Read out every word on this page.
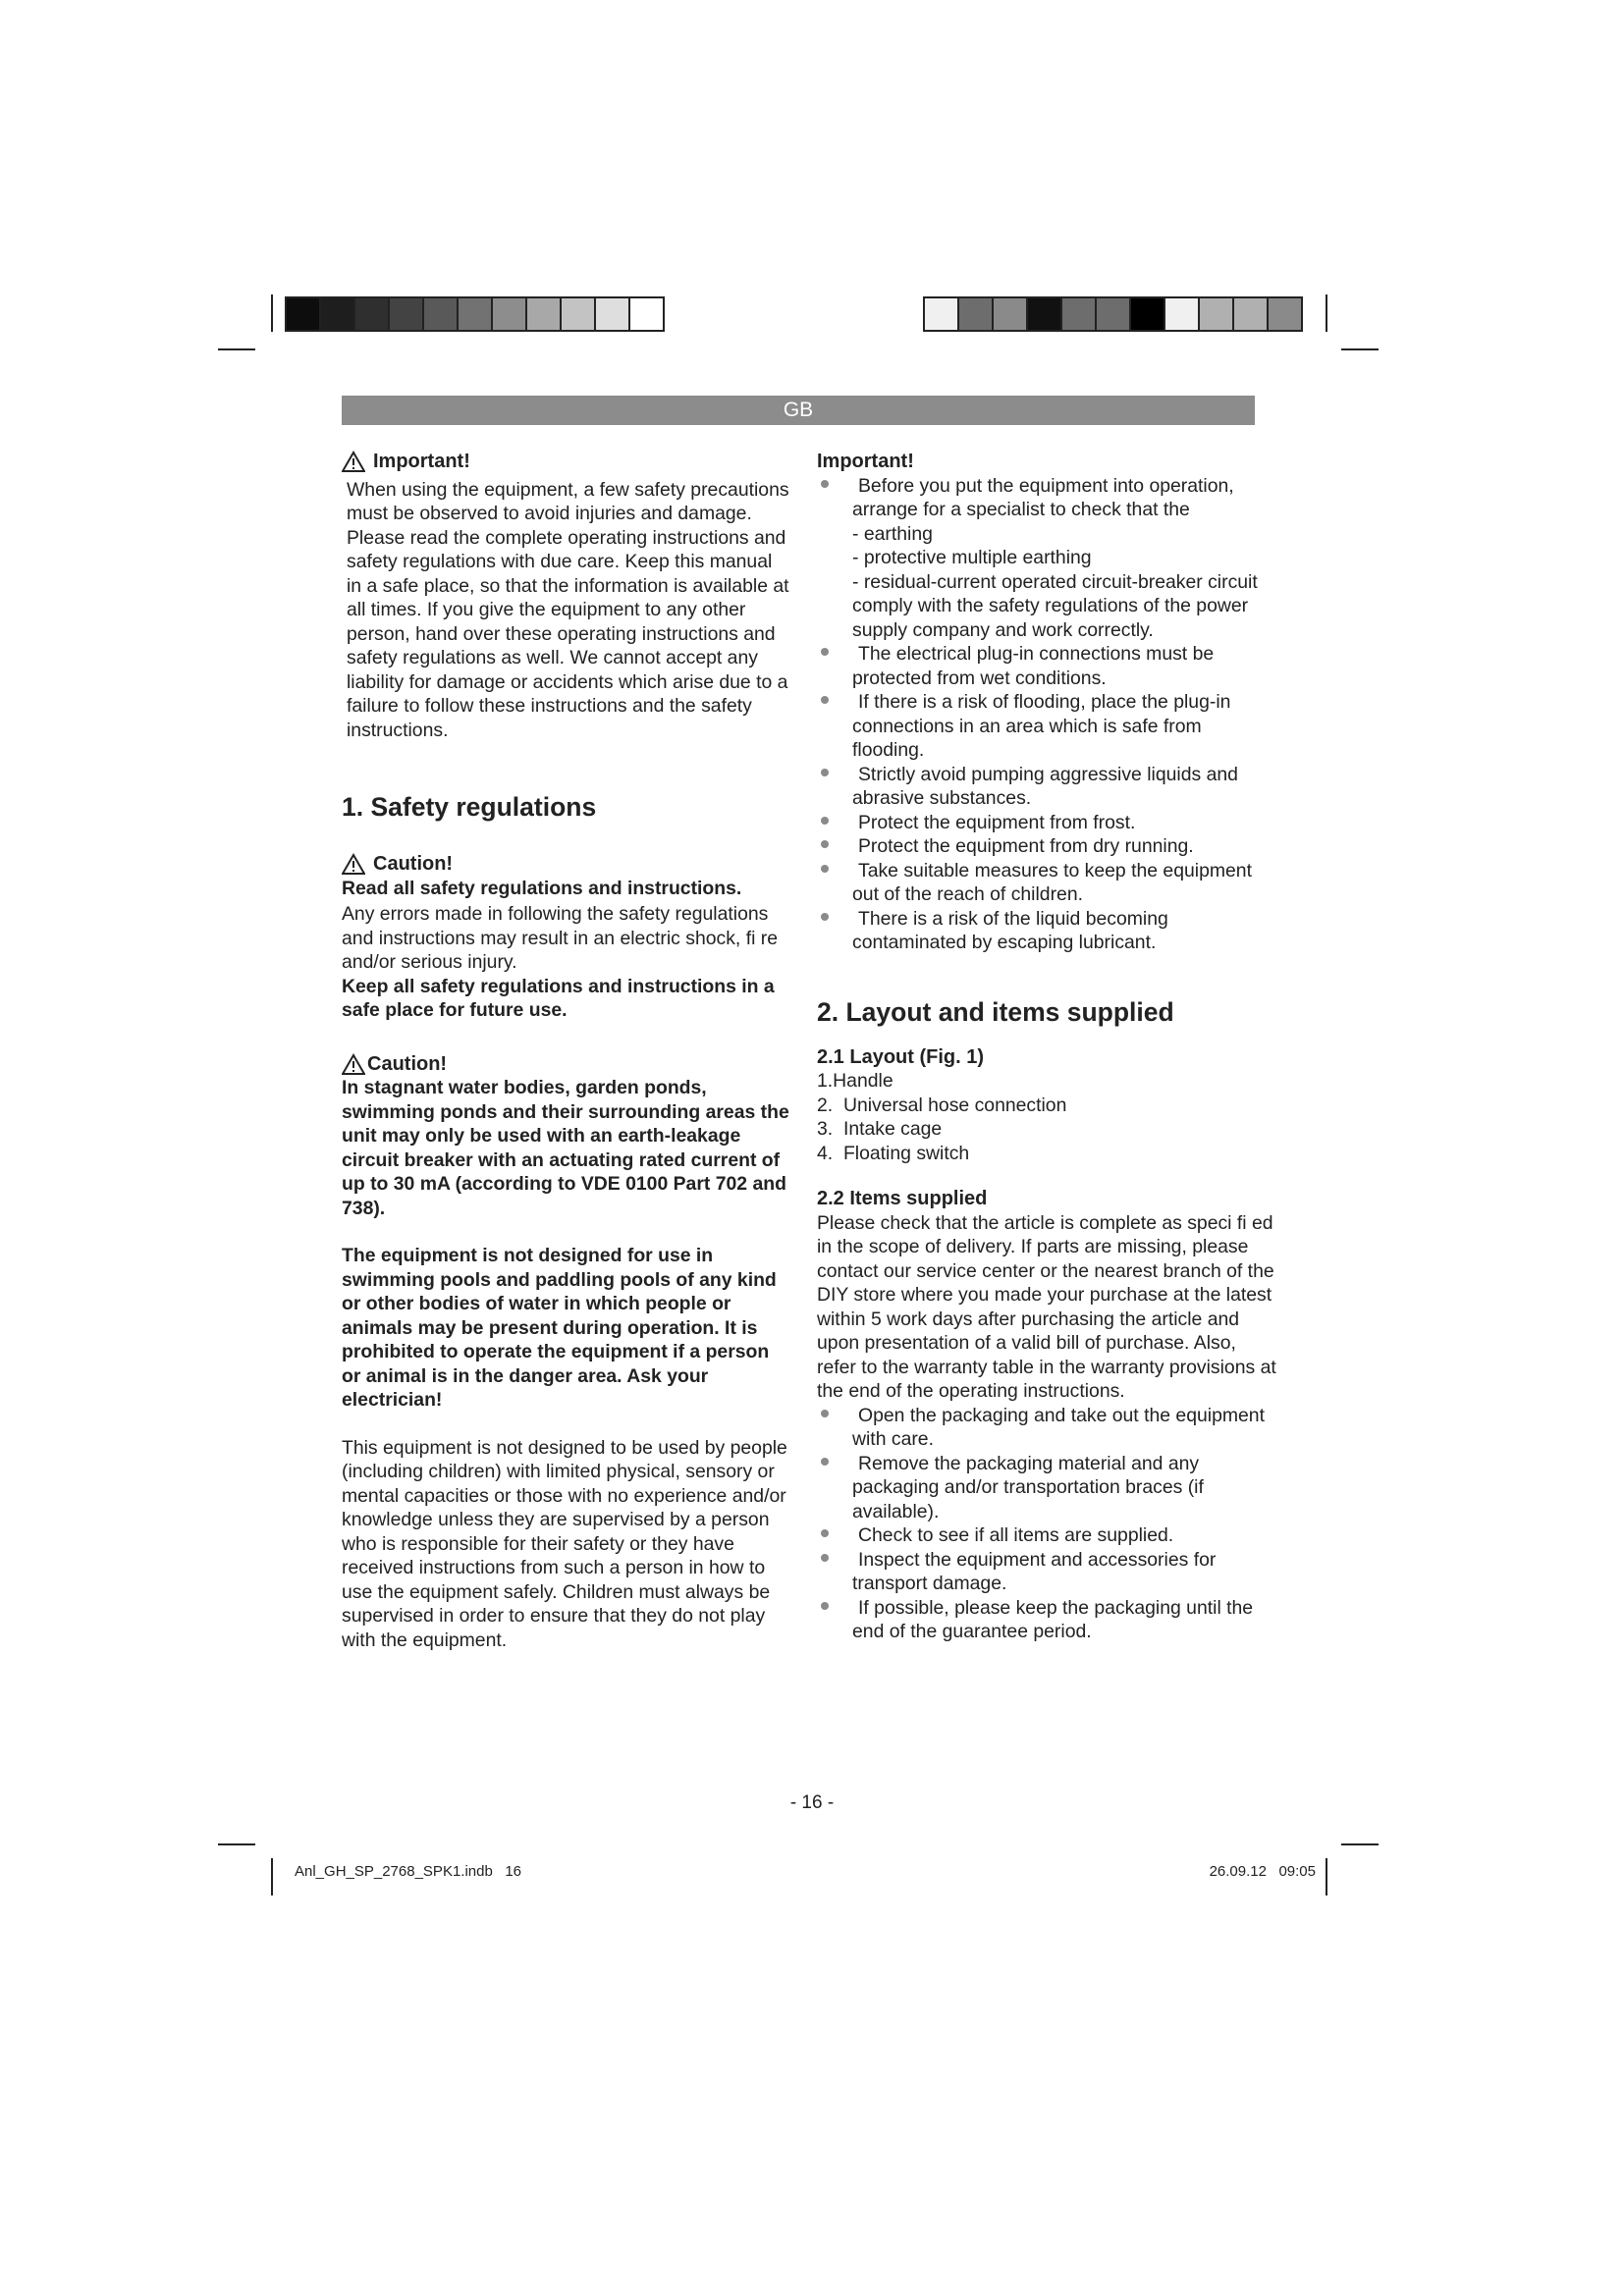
GB
Important!

When using the equipment, a few safety precautions must be observed to avoid injuries and damage. Please read the complete operating instructions and safety regulations with due care. Keep this manual in a safe place, so that the information is available at all times. If you give the equipment to any other person, hand over these operating instructions and safety regulations as well. We cannot accept any liability for damage or accidents which arise due to a failure to follow these instructions and the safety instructions.

1. Safety regulations
Caution!

Read all safety regulations and instructions.

Any errors made in following the safety regulations and instructions may result in an electric shock, fi re and/or serious injury.

Keep all safety regulations and instructions in a safe place for future use.

Caution!

In stagnant water bodies, garden ponds, swimming ponds and their surrounding areas the unit may only be used with an earth-leakage circuit breaker with an actuating rated current of up to 30 mA (according to VDE 0100 Part 702 and 738).

The equipment is not designed for use in swimming pools and paddling pools of any kind or other bodies of water in which people or animals may be present during operation. It is prohibited to operate the equipment if a person or animal is in the danger area. Ask your electrician!

This equipment is not designed to be used by people (including children) with limited physical, sensory or mental capacities or those with no experience and/or knowledge unless they are supervised by a person who is responsible for their safety or they have received instructions from such a person in how to use the equipment safely. Children must always be supervised in order to ensure that they do not play with the equipment.

Important!

Before you put the equipment into operation, arrange for a specialist to check that the
- earthing
- protective multiple earthing
- residual-current operated circuit-breaker circuit
comply with the safety regulations of the power supply company and work correctly.
The electrical plug-in connections must be protected from wet conditions.
If there is a risk of flooding, place the plug-in connections in an area which is safe from flooding.
Strictly avoid pumping aggressive liquids and abrasive substances.
Protect the equipment from frost.
Protect the equipment from dry running.
Take suitable measures to keep the equipment out of the reach of children.
There is a risk of the liquid becoming contaminated by escaping lubricant.
2. Layout and items supplied

2.1 Layout (Fig. 1)

1.Handle
2.  Universal hose connection
3.  Intake cage
4.  Floating switch

2.2 Items supplied

Please check that the article is complete as speci fi ed in the scope of delivery. If parts are missing, please contact our service center or the nearest branch of the DIY store where you made your purchase at the latest within 5 work days after purchasing the article and upon presentation of a valid bill of purchase. Also, refer to the warranty table in the warranty provisions at the end of the operating instructions.

Open the packaging and take out the equipment with care.
Remove the packaging material and any packaging and/or transportation braces (if available).
Check to see if all items are supplied.
Inspect the equipment and accessories for transport damage.
If possible, please keep the packaging until the end of the guarantee period.
- 16 -
Anl_GH_SP_2768_SPK1.indb   16	26.09.12   09:05
